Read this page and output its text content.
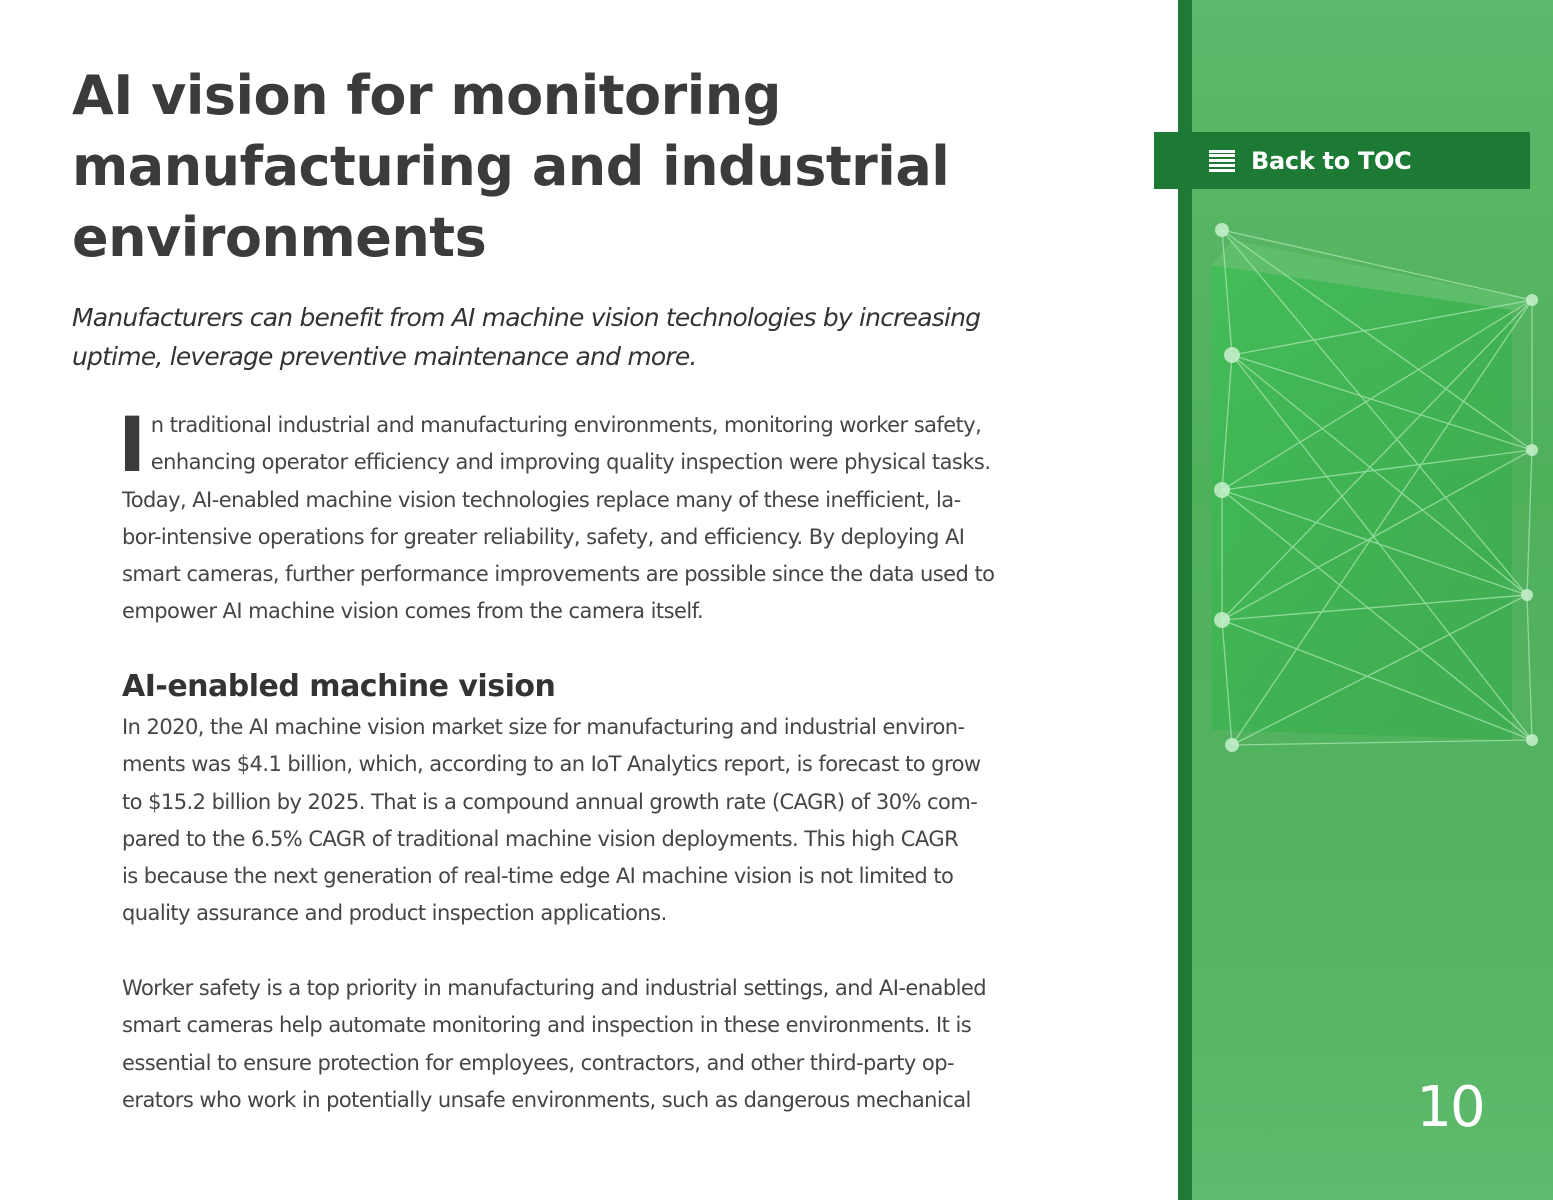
AI vision for monitoring
manufacturing and industrial
environments

Manufacturers can benefit from AI machine vision technologies by increasing
uptime, leverage preventive maintenance and more.

I n traditional industrial and manufacturing environments, monitoring worker safety,
enhancing operator efficiency and improving quality inspection were physical tasks.
Today, AI-enabled machine vision technologies replace many of these inefficient, la-
bor-intensive operations for greater reliability, safety, and efficiency. By deploying AI
smart cameras, further performance improvements are possible since the data used to
empower AI machine vision comes from the camera itself.

AI-enabled machine vision

In 2020, the AI machine vision market size for manufacturing and industrial environ-
ments was $4.1 billion, which, according to an IoT Analytics report, is forecast to grow
to $15.2 billion by 2025. That is a compound annual growth rate (CAGR) of 30% com-
pared to the 6.5% CAGR of traditional machine vision deployments. This high CAGR
is because the next generation of real-time edge AI machine vision is not limited to
quality assurance and product inspection applications.

Worker safety is a top priority in manufacturing and industrial settings, and AI-enabled
smart cameras help automate monitoring and inspection in these environments. It is
essential to ensure protection for employees, contractors, and other third-party op-
erators who work in potentially unsafe environments, such as dangerous mechanical

Back to TOC
10
